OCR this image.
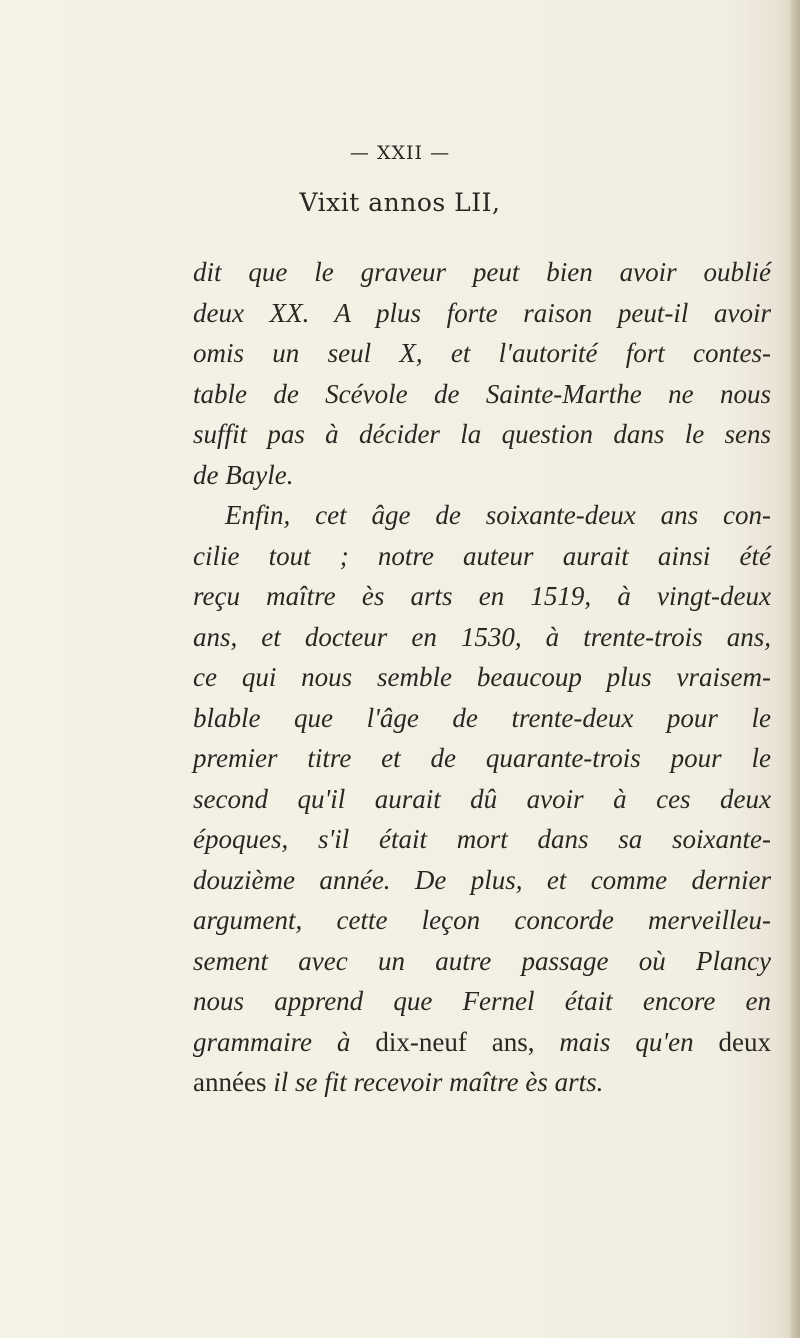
— XXII —
Vixit annos LII,
dit que le graveur peut bien avoir oublié
deux XX. A plus forte raison peut-il avoir
omis un seul X, et l'autorité fort contes-
table de Scévole de Sainte-Marthe ne nous
suffit pas à décider la question dans le sens
de Bayle.
Enfin, cet âge de soixante-deux ans con-
cilie tout ; notre auteur aurait ainsi été
reçu maître ès arts en 1519, à vingt-deux
ans, et docteur en 1530, à trente-trois ans,
ce qui nous semble beaucoup plus vraisem-
blable que l'âge de trente-deux pour le
premier titre et de quarante-trois pour le
second qu'il aurait dû avoir à ces deux
époques, s'il était mort dans sa soixante-
douzième année. De plus, et comme dernier
argument, cette leçon concorde merveilleu-
sement avec un autre passage où Plancy
nous apprend que Fernel était encore en
grammaire à dix-neuf ans, mais qu'en deux
années il se fit recevoir maître ès arts.
